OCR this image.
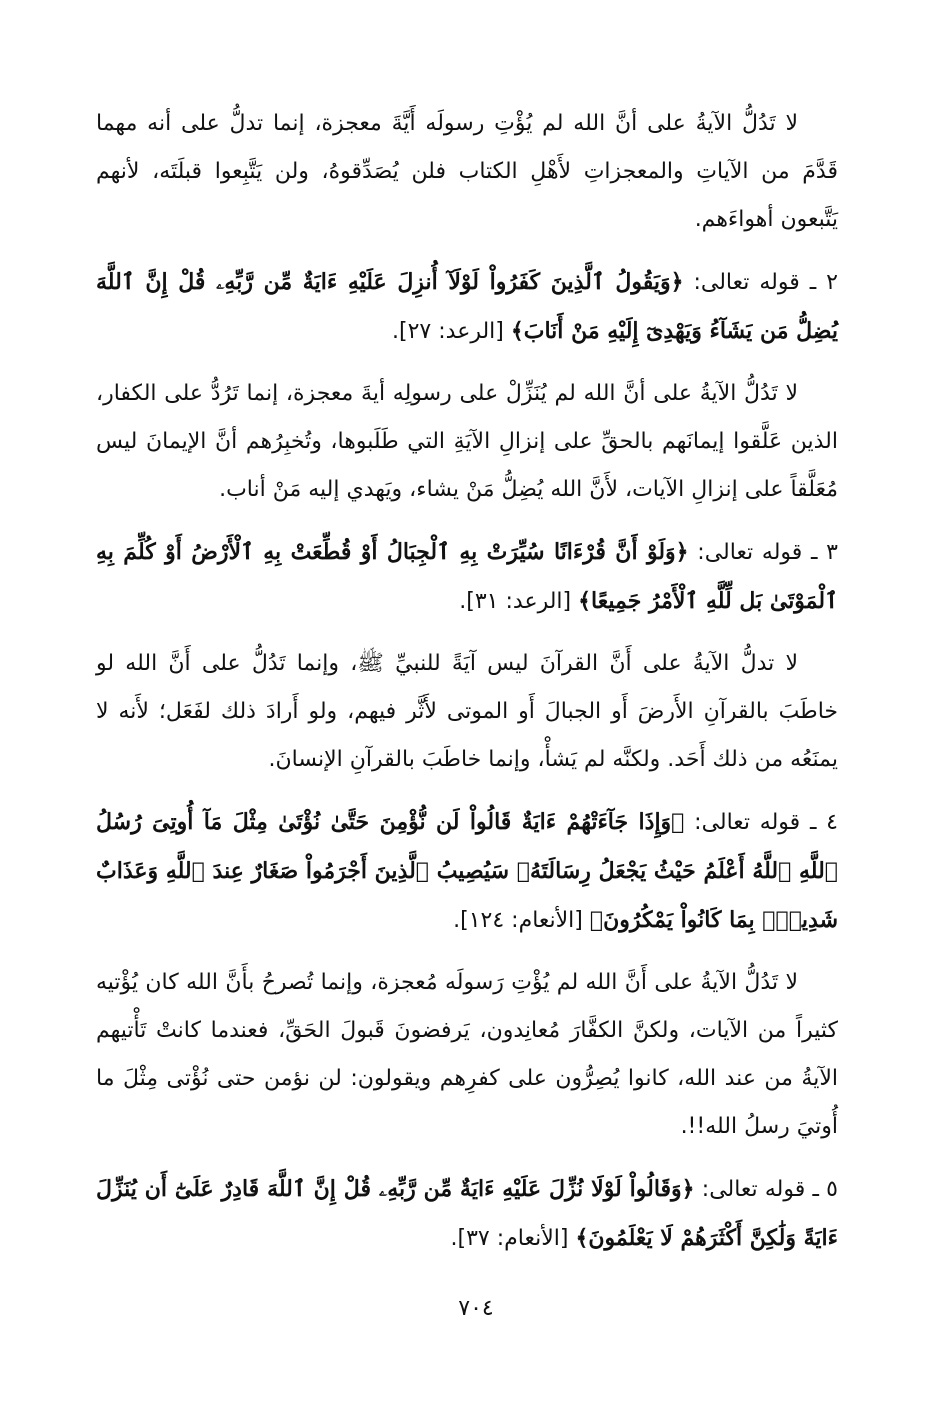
لا تَدُلُّ الآيةُ على أنَّ الله لم يُؤْتِ رسولَه أَيَّةَ معجزة، إنما تدلُّ على أنه مهما قَدَّمَ من الآياتِ والمعجزاتِ لأَهْلِ الكتاب فلن يُصَدِّقوهُ، ولن يَتَّبِعوا قبلَتَه، لأنهم يَتَّبعون أهواءَهم.

٢ ـ قوله تعالى: ﴿وَيَقُولُ ٱلَّذِينَ كَفَرُواْ لَوْلَآ أُنزِلَ عَلَيْهِ ءَايَةٌ مِّن رَّبِّهِۦ قُلْ إِنَّ ٱللَّهَ يُضِلُّ مَن يَشَآءُ وَيَهْدِىٓ إِلَيْهِ مَنْ أَنَابَ﴾ [الرعد: ٢٧].

لا تَدُلُّ الآيةُ على أنَّ الله لم يُنَزِّلْ على رسولِه أيةَ معجزة، إنما تَرُدُّ على الكفار، الذين عَلَّقوا إيمانَهم بالحقِّ على إنزالِ الآيَةِ التي طَلَبوها، وتُخبِرُهم أنَّ الإيمانَ ليس مُعَلَّقاً على إنزالِ الآيات، لأَنَّ الله يُضِلُّ مَنْ يشاء، ويَهدي إليه مَنْ أناب.

٣ ـ قوله تعالى: ﴿وَلَوْ أَنَّ قُرْءَانًا سُيِّرَتْ بِهِ ٱلْجِبَالُ أَوْ قُطِّعَتْ بِهِ ٱلْأَرْضُ أَوْ كُلِّمَ بِهِ ٱلْمَوْتَىٰ بَل لِّلَّهِ ٱلْأَمْرُ جَمِيعًا﴾ [الرعد: ٣١].

لا تدلُّ الآيةُ على أَنَّ القرآنَ ليس آيَةً للنبيِّ ﷺ، وإنما تَدُلُّ على أَنَّ الله لو خاطَبَ بالقرآنِ الأَرضَ أَو الجبالَ أَو الموتى لأَثَّر فيهم، ولو أَرادَ ذلك لفَعَل؛ لأَنه لا يمنَعُه من ذلك أَحَد. ولكنَّه لم يَشأْ، وإنما خاطَبَ بالقرآنِ الإنسانَ.

٤ ـ قوله تعالى: ﴿وَإِذَا جَآءَتْهُمْ ءَايَةٌ قَالُواْ لَن نُّؤْمِنَ حَتَّىٰ نُؤْتَىٰ مِثْلَ مَآ أُوتِىَ رُسُلُ ٱللَّهِ ٱللَّهُ أَعْلَمُ حَيْثُ يَجْعَلُ رِسَالَتَهُۥ سَيُصِيبُ ٱلَّذِينَ أَجْرَمُواْ صَغَارٌ عِندَ ٱللَّهِ وَعَذَابٌ شَدِيدٌۢ بِمَا كَانُواْ يَمْكُرُونَ﴾ [الأنعام: ١٢٤].

لا تَدُلُّ الآيةُ على أَنَّ الله لم يُؤْتِ رَسولَه مُعجزة، وإنما تُصرحُ بأَنَّ الله كان يُؤْتيه كثيراً من الآيات، ولكنَّ الكفَّارَ مُعانِدون، يَرفضونَ قَبولَ الحَقِّ، فعندما كانتْ تَأْتيهم الآيةُ من عند الله، كانوا يُصِرُّون على كفرِهم ويقولون: لن نؤمن حتى نُؤْتى مِثْلَ ما أُوتيَ رسلُ الله!!.

٥ ـ قوله تعالى: ﴿وَقَالُواْ لَوْلَا نُزِّلَ عَلَيْهِ ءَايَةٌ مِّن رَّبِّهِۦ قُلْ إِنَّ ٱللَّهَ قَادِرٌ عَلَىٰٓ أَن يُنَزِّلَ ءَايَةً وَلَٰكِنَّ أَكْثَرَهُمْ لَا يَعْلَمُونَ﴾ [الأنعام: ٣٧].

٧٠٤
